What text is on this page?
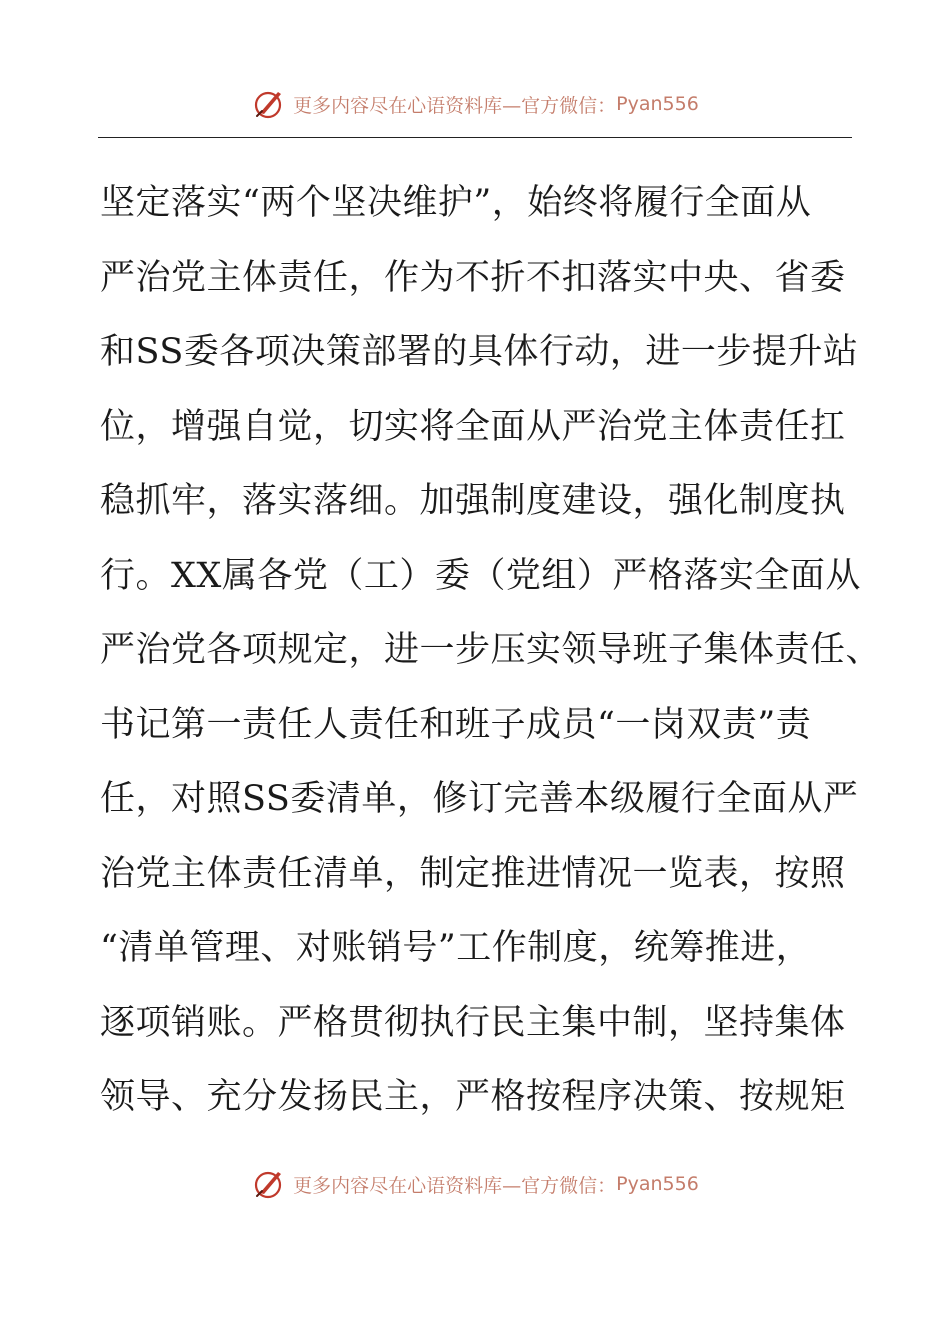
更多内容尽在心语资料库—官方微信： Pyan556
坚定落实“两个坚决维护”，始终将履行全面从
严治党主体责任，作为不折不扣落实中央、省委
和SS委各项决策部署的具体行动，进一步提升站
位，增强自觉，切实将全面从严治党主体责任扛
稳抓牢，落实落细。加强制度建设，强化制度执
行。XX属各党（工）委（党组）严格落实全面从
严治党各项规定，进一步压实领导班子集体责任、
书记第一责任人责任和班子成员“一岗双责”责
任，对照SS委清单，修订完善本级履行全面从严
治党主体责任清单，制定推进情况一览表，按照
“清单管理、对账销号”工作制度，统筹推进，
逐项销账。严格贯彻执行民主集中制，坚持集体
领导、充分发扬民主，严格按程序决策、按规矩
更多内容尽在心语资料库—官方微信： Pyan556
